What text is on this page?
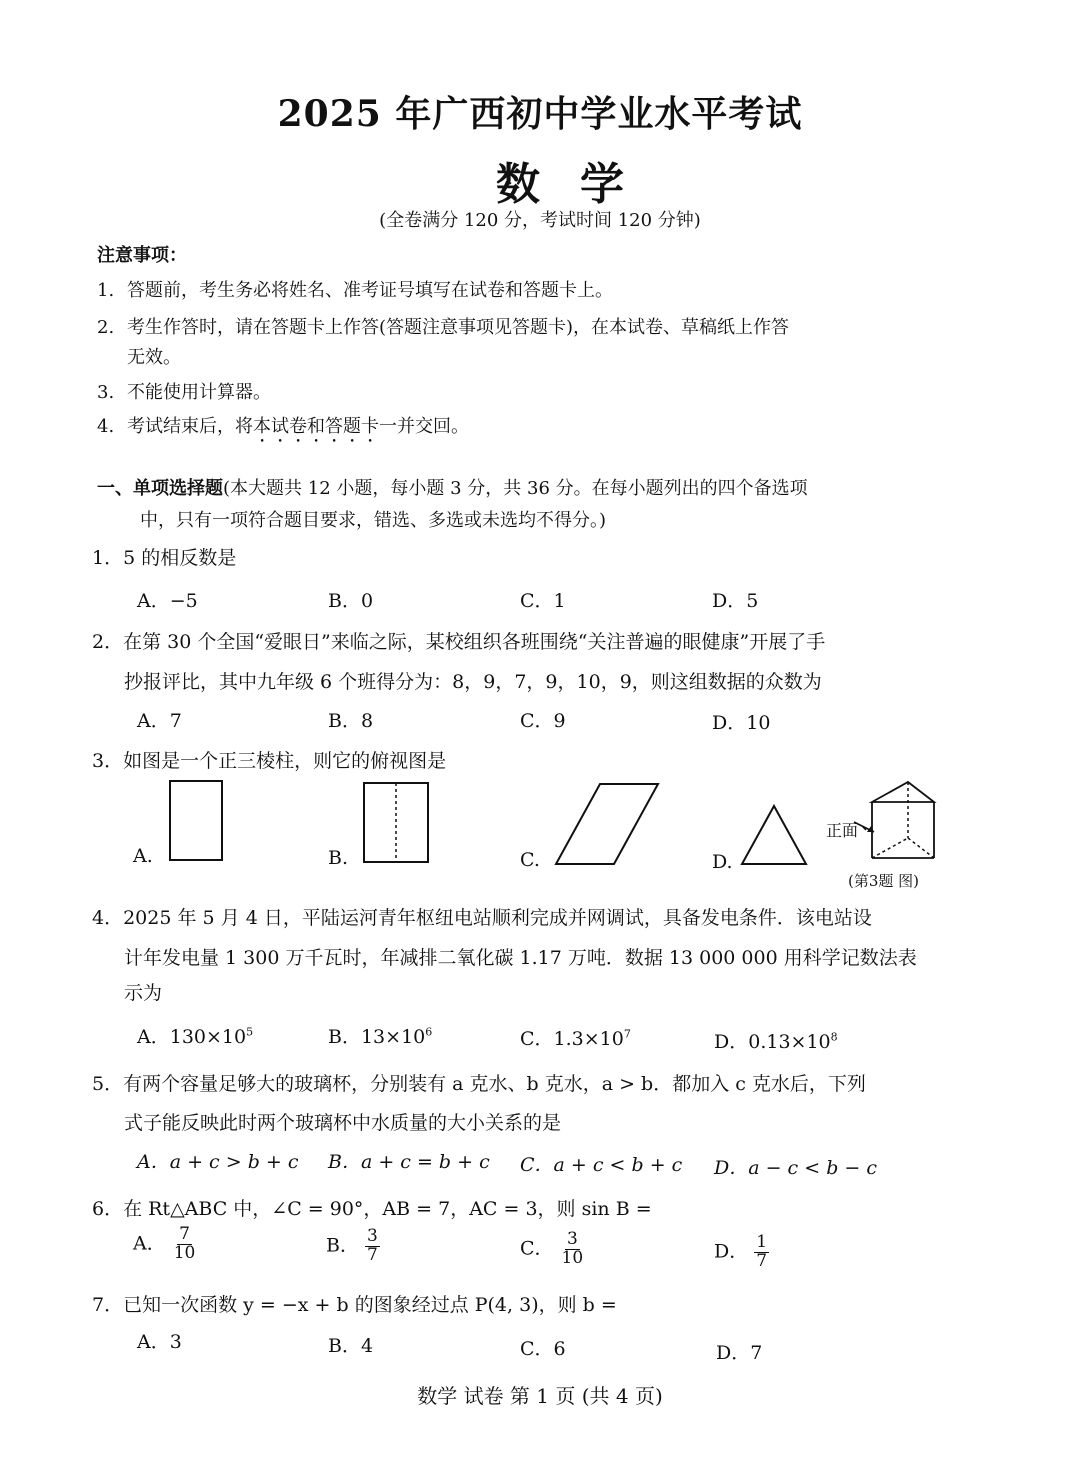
2025 年广西初中学业水平考试
数学
(全卷满分 120 分，考试时间 120 分钟)
注意事项：
1. 答题前，考生务必将姓名、准考证号填写在试卷和答题卡上。
2. 考生作答时，请在答题卡上作答(答题注意事项见答题卡)，在本试卷、草稿纸上作答
无效。
3. 不能使用计算器。
4. 考试结束后，将本试卷和答题卡一并交回。
一、单项选择题(本大题共 12 小题，每小题 3 分，共 36 分。在每小题列出的四个备选项
中，只有一项符合题目要求，错选、多选或未选均不得分。)
1．5 的相反数是
A．−5	B．0	C．1	D．5
2．在第 30 个全国“爱眼日”来临之际，某校组织各班围绕“关注普遍的眼健康”开展了手
抄报评比，其中九年级 6 个班得分为：8，9，7，9，10，9，则这组数据的众数为
A．7	B．8	C．9	D．10
3．如图是一个正三棱柱，则它的俯视图是
A.	B.	C.	D.
正面
(第3题 图)
4．2025 年 5 月 4 日，平陆运河青年枢纽电站顺利完成并网调试，具备发电条件．该电站设
计年发电量 1 300 万千瓦时，年减排二氧化碳 1.17 万吨．数据 13 000 000 用科学记数法表
示为
A．$130\times 10^5$	B．$13\times 10^6$	C．$1.3\times 10^7$	D．$0.13\times 10^8$
5．有两个容量足够大的玻璃杯，分别装有 a 克水、b 克水，a > b．都加入 c 克水后，下列
式子能反映此时两个玻璃杯中水质量的大小关系的是
A．a + c > b + c B．a + c = b + c C．a + c < b + c D．a − c < b − c
6．在 Rt△ABC 中，∠C = 90°，AB = 7，AC = 3，则 sin B =
A． $\frac{7}{10}$	B． $\frac{3}{7}$	C． $\frac{3}{10}$	D． $\frac{1}{7}$
7．已知一次函数 y = −x + b 的图象经过点 P(4, 3)，则 b =
A．3	B．4	C．6	D．7
数学 试卷 第 1 页 (共 4 页)
